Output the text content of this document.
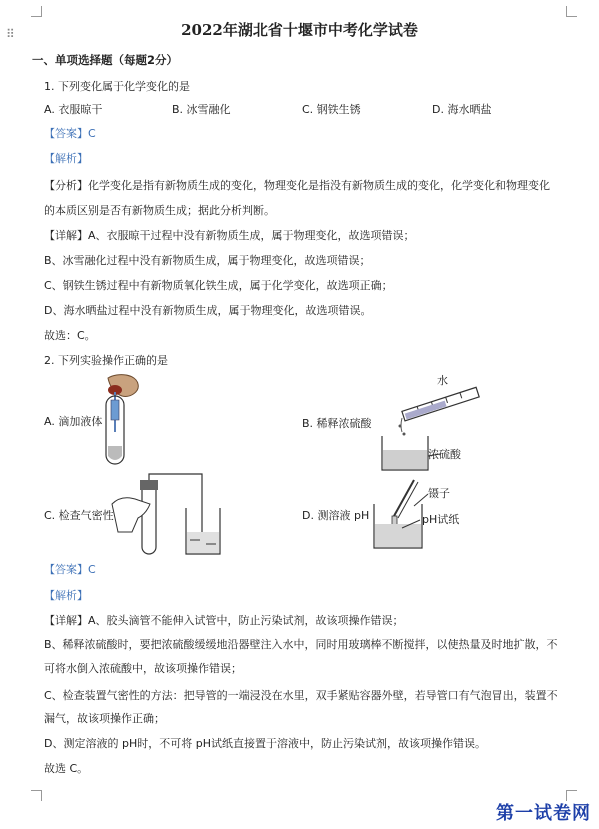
⠿	2022年湖北省十堰市中考化学试卷
一、单项选择题（每题2分）
1. 下列变化属于化学变化的是
A. 衣服晾干	B. 冰雪融化	C. 钢铁生锈	D. 海水晒盐
【答案】C
【解析】
【分析】化学变化是指有新物质生成的变化，物理变化是指没有新物质生成的变化，化学变化和物理变化
的本质区别是否有新物质生成；据此分析判断。
【详解】A、衣服晾干过程中没有新物质生成，属于物理变化，故选项错误；
B、冰雪融化过程中没有新物质生成，属于物理变化，故选项错误；
C、钢铁生锈过程中有新物质氧化铁生成，属于化学变化，故选项正确；
D、海水晒盐过程中没有新物质生成，属于物理变化，故选项错误。
故选：C。
2. 下列实验操作正确的是
A. 滴加液体	B. 稀释浓硫酸
水
浓硫酸
C. 检查气密性	D. 测溶液 pH
镊子
pH试纸
【答案】C
【解析】
【详解】A、胶头滴管不能伸入试管中，防止污染试剂，故该项操作错误；
B、稀释浓硫酸时，要把浓硫酸缓缓地沿器壁注入水中，同时用玻璃棒不断搅拌，以使热量及时地扩散，不
可将水倒入浓硫酸中，故该项操作错误；
C、检查装置气密性的方法：把导管的一端浸没在水里，双手紧贴容器外壁，若导管口有气泡冒出，装置不
漏气，故该项操作正确；
D、测定溶液的 pH时，不可将 pH试纸直接置于溶液中，防止污染试剂，故该项操作错误。
故选 C。
第一试卷网
